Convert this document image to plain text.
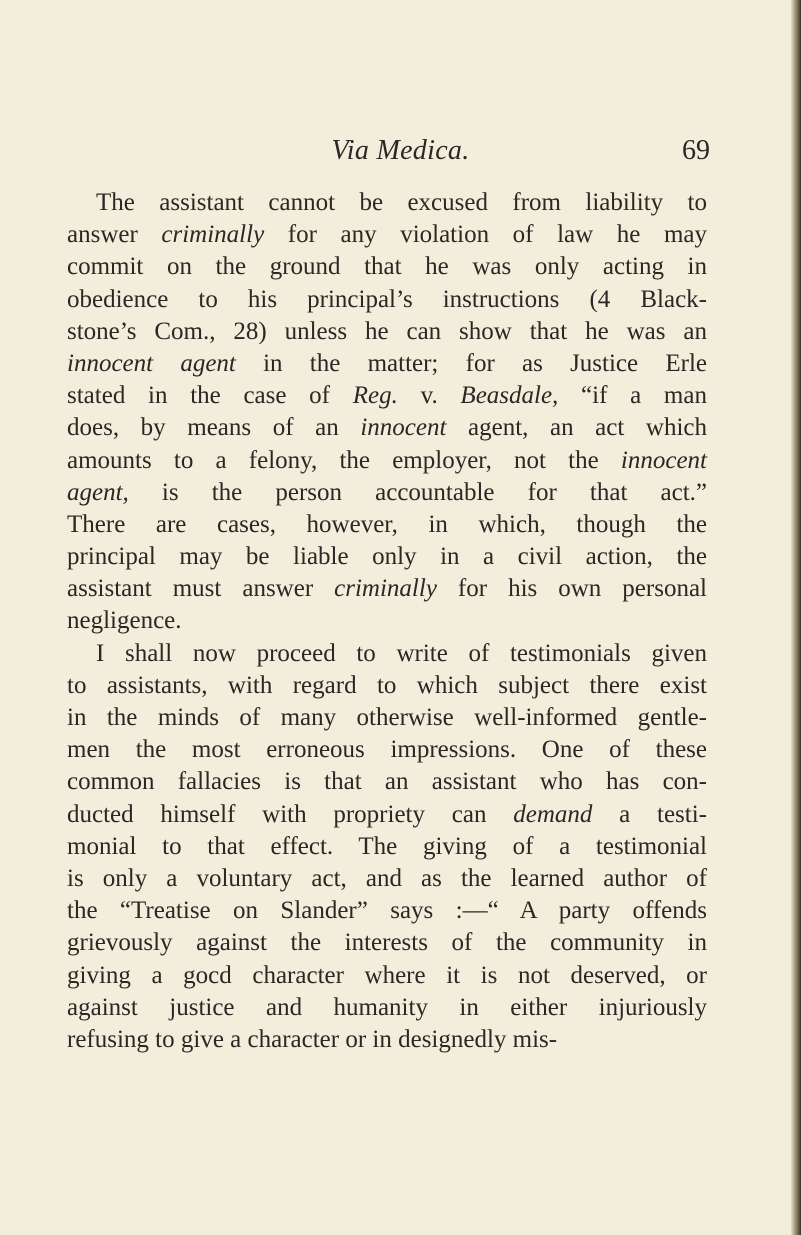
Via Medica.	69
The assistant cannot be excused from liability to
answer criminally for any violation of law he may
commit on the ground that he was only acting in
obedience to his principal’s instructions (4 Black-
stone’s Com., 28) unless he can show that he was an
innocent agent in the matter; for as Justice Erle
stated in the case of Reg. v. Beasdale, “if a man
does, by means of an innocent agent, an act which
amounts to a felony, the employer, not the innocent
agent, is the person accountable for that act.”
There are cases, however, in which, though the
principal may be liable only in a civil action, the
assistant must answer criminally for his own personal
negligence.
I shall now proceed to write of testimonials given
to assistants, with regard to which subject there exist
in the minds of many otherwise well-informed gentle-
men the most erroneous impressions. One of these
common fallacies is that an assistant who has con-
ducted himself with propriety can demand a testi-
monial to that effect. The giving of a testimonial
is only a voluntary act, and as the learned author of
the “Treatise on Slander” says :—“ A party offends
grievously against the interests of the community in
giving a gocd character where it is not deserved, or
against justice and humanity in either injuriously
refusing to give a character or in designedly mis-
